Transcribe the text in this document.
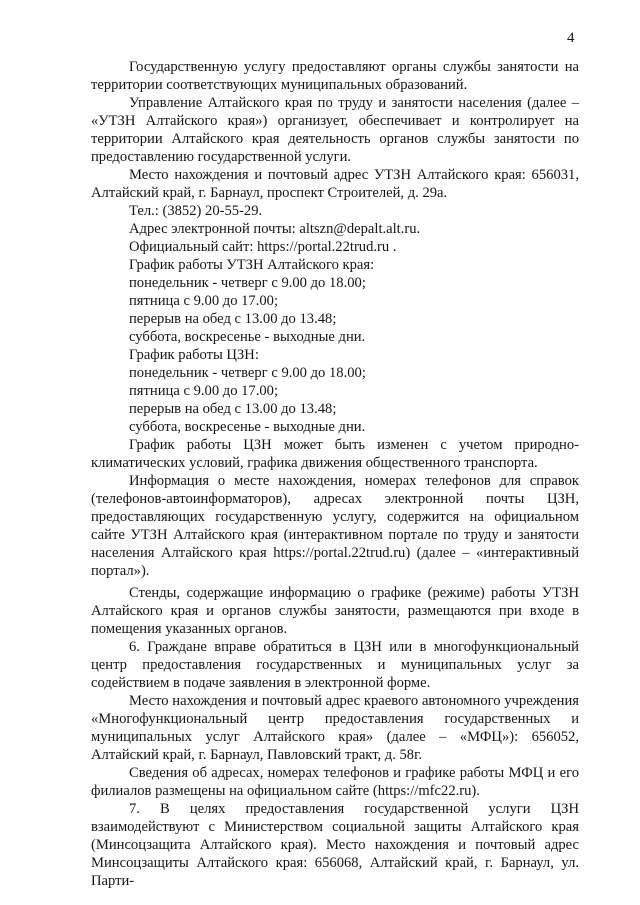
4

Государственную услугу предоставляют органы службы занятости на территории соответствующих муниципальных образований.

Управление Алтайского края по труду и занятости населения (далее – «УТЗН Алтайского края») организует, обеспечивает и контролирует на территории Алтайского края деятельность органов службы занятости по предоставлению государственной услуги.

Место нахождения и почтовый адрес УТЗН Алтайского края: 656031, Алтайский край, г. Барнаул, проспект Строителей, д. 29а.

Тел.: (3852) 20-55-29.

Адрес электронной почты: altszn@depalt.alt.ru.

Официальный сайт: https://portal.22trud.ru .

График работы УТЗН Алтайского края:

понедельник - четверг с 9.00 до 18.00;

пятница с 9.00 до 17.00;

перерыв на обед с 13.00 до 13.48;

суббота, воскресенье - выходные дни.

График работы ЦЗН:

понедельник - четверг с 9.00 до 18.00;

пятница с 9.00 до 17.00;

перерыв на обед с 13.00 до 13.48;

суббота, воскресенье - выходные дни.

График работы ЦЗН может быть изменен с учетом природно-климатических условий, графика движения общественного транспорта.

Информация о месте нахождения, номерах телефонов для справок (телефонов-автоинформаторов), адресах электронной почты ЦЗН, предоставляющих государственную услугу, содержится на официальном сайте УТЗН Алтайского края (интерактивном портале по труду и занятости населения Алтайского края https://portal.22trud.ru) (далее – «интерактивный портал»).

Стенды, содержащие информацию о графике (режиме) работы УТЗН Алтайского края и органов службы занятости, размещаются при входе в помещения указанных органов.

6. Граждане вправе обратиться в ЦЗН или в многофункциональный центр предоставления государственных и муниципальных услуг за содействием в подаче заявления в электронной форме.

Место нахождения и почтовый адрес краевого автономного учреждения «Многофункциональный центр предоставления государственных и муниципальных услуг Алтайского края» (далее – «МФЦ»): 656052, Алтайский край, г. Барнаул, Павловский тракт, д. 58г.

Сведения об адресах, номерах телефонов и графике работы МФЦ и его филиалов размещены на официальном сайте (https://mfc22.ru).

7. В целях предоставления государственной услуги ЦЗН взаимодействуют с Министерством социальной защиты Алтайского края (Минсоцзащита Алтайского края). Место нахождения и почтовый адрес Минсоцзащиты Алтайского края: 656068, Алтайский край, г. Барнаул, ул. Парти-
